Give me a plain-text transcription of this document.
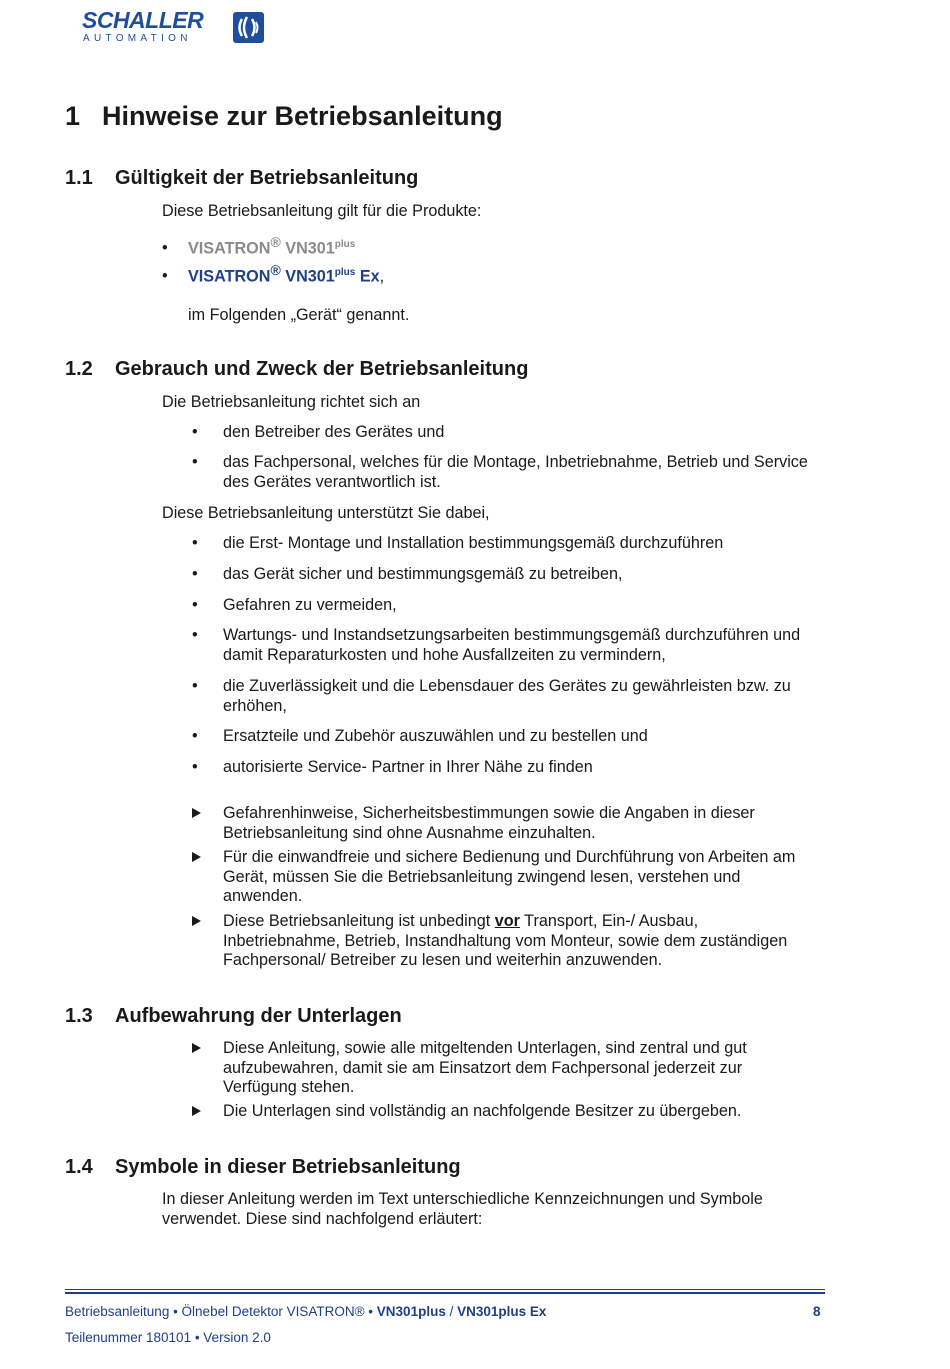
SCHALLER
AUTOMATION
1 Hinweise zur Betriebsanleitung
1.1 Gültigkeit der Betriebsanleitung
Diese Betriebsanleitung gilt für die Produkte:
• VISATRON® $VN301^{plus}$
• VISATRON® $VN301^{plus}$ Ex,
im Folgenden „Gerät“ genannt.
1.2 Gebrauch und Zweck der Betriebsanleitung
Die Betriebsanleitung richtet sich an
• den Betreiber des Gerätes und
• das Fachpersonal, welches für die Montage, Inbetriebnahme, Betrieb und Service des Gerätes verantwortlich ist.
Diese Betriebsanleitung unterstützt Sie dabei,
• die Erst- Montage und Installation bestimmungsgemäß durchzuführen
• das Gerät sicher und bestimmungsgemäß zu betreiben,
• Gefahren zu vermeiden,
• Wartungs- und Instandsetzungsarbeiten bestimmungsgemäß durchzuführen und damit Reparaturkosten und hohe Ausfallzeiten zu vermindern,
• die Zuverlässigkeit und die Lebensdauer des Gerätes zu gewährleisten bzw. zu erhöhen,
• Ersatzteile und Zubehör auszuwählen und zu bestellen und
• autorisierte Service- Partner in Ihrer Nähe zu finden
Gefahrenhinweise, Sicherheitsbestimmungen sowie die Angaben in dieser Betriebsanleitung sind ohne Ausnahme einzuhalten.
Für die einwandfreie und sichere Bedienung und Durchführung von Arbeiten am Gerät, müssen Sie die Betriebsanleitung zwingend lesen, verstehen und anwenden.
Diese Betriebsanleitung ist unbedingt vor Transport, Ein-/ Ausbau, Inbetriebnahme, Betrieb, Instandhaltung vom Monteur, sowie dem zuständigen Fachpersonal/ Betreiber zu lesen und weiterhin anzuwenden.
1.3 Aufbewahrung der Unterlagen
Diese Anleitung, sowie alle mitgeltenden Unterlagen, sind zentral und gut aufzubewahren, damit sie am Einsatzort dem Fachpersonal jederzeit zur Verfügung stehen.
Die Unterlagen sind vollständig an nachfolgende Besitzer zu übergeben.
1.4 Symbole in dieser Betriebsanleitung
In dieser Anleitung werden im Text unterschiedliche Kennzeichnungen und Symbole verwendet. Diese sind nachfolgend erläutert:
Betriebsanleitung • Ölnebel Detektor VISATRON® • VN301plus / VN301plus Ex	8
Teilenummer 180101 • Version 2.0
